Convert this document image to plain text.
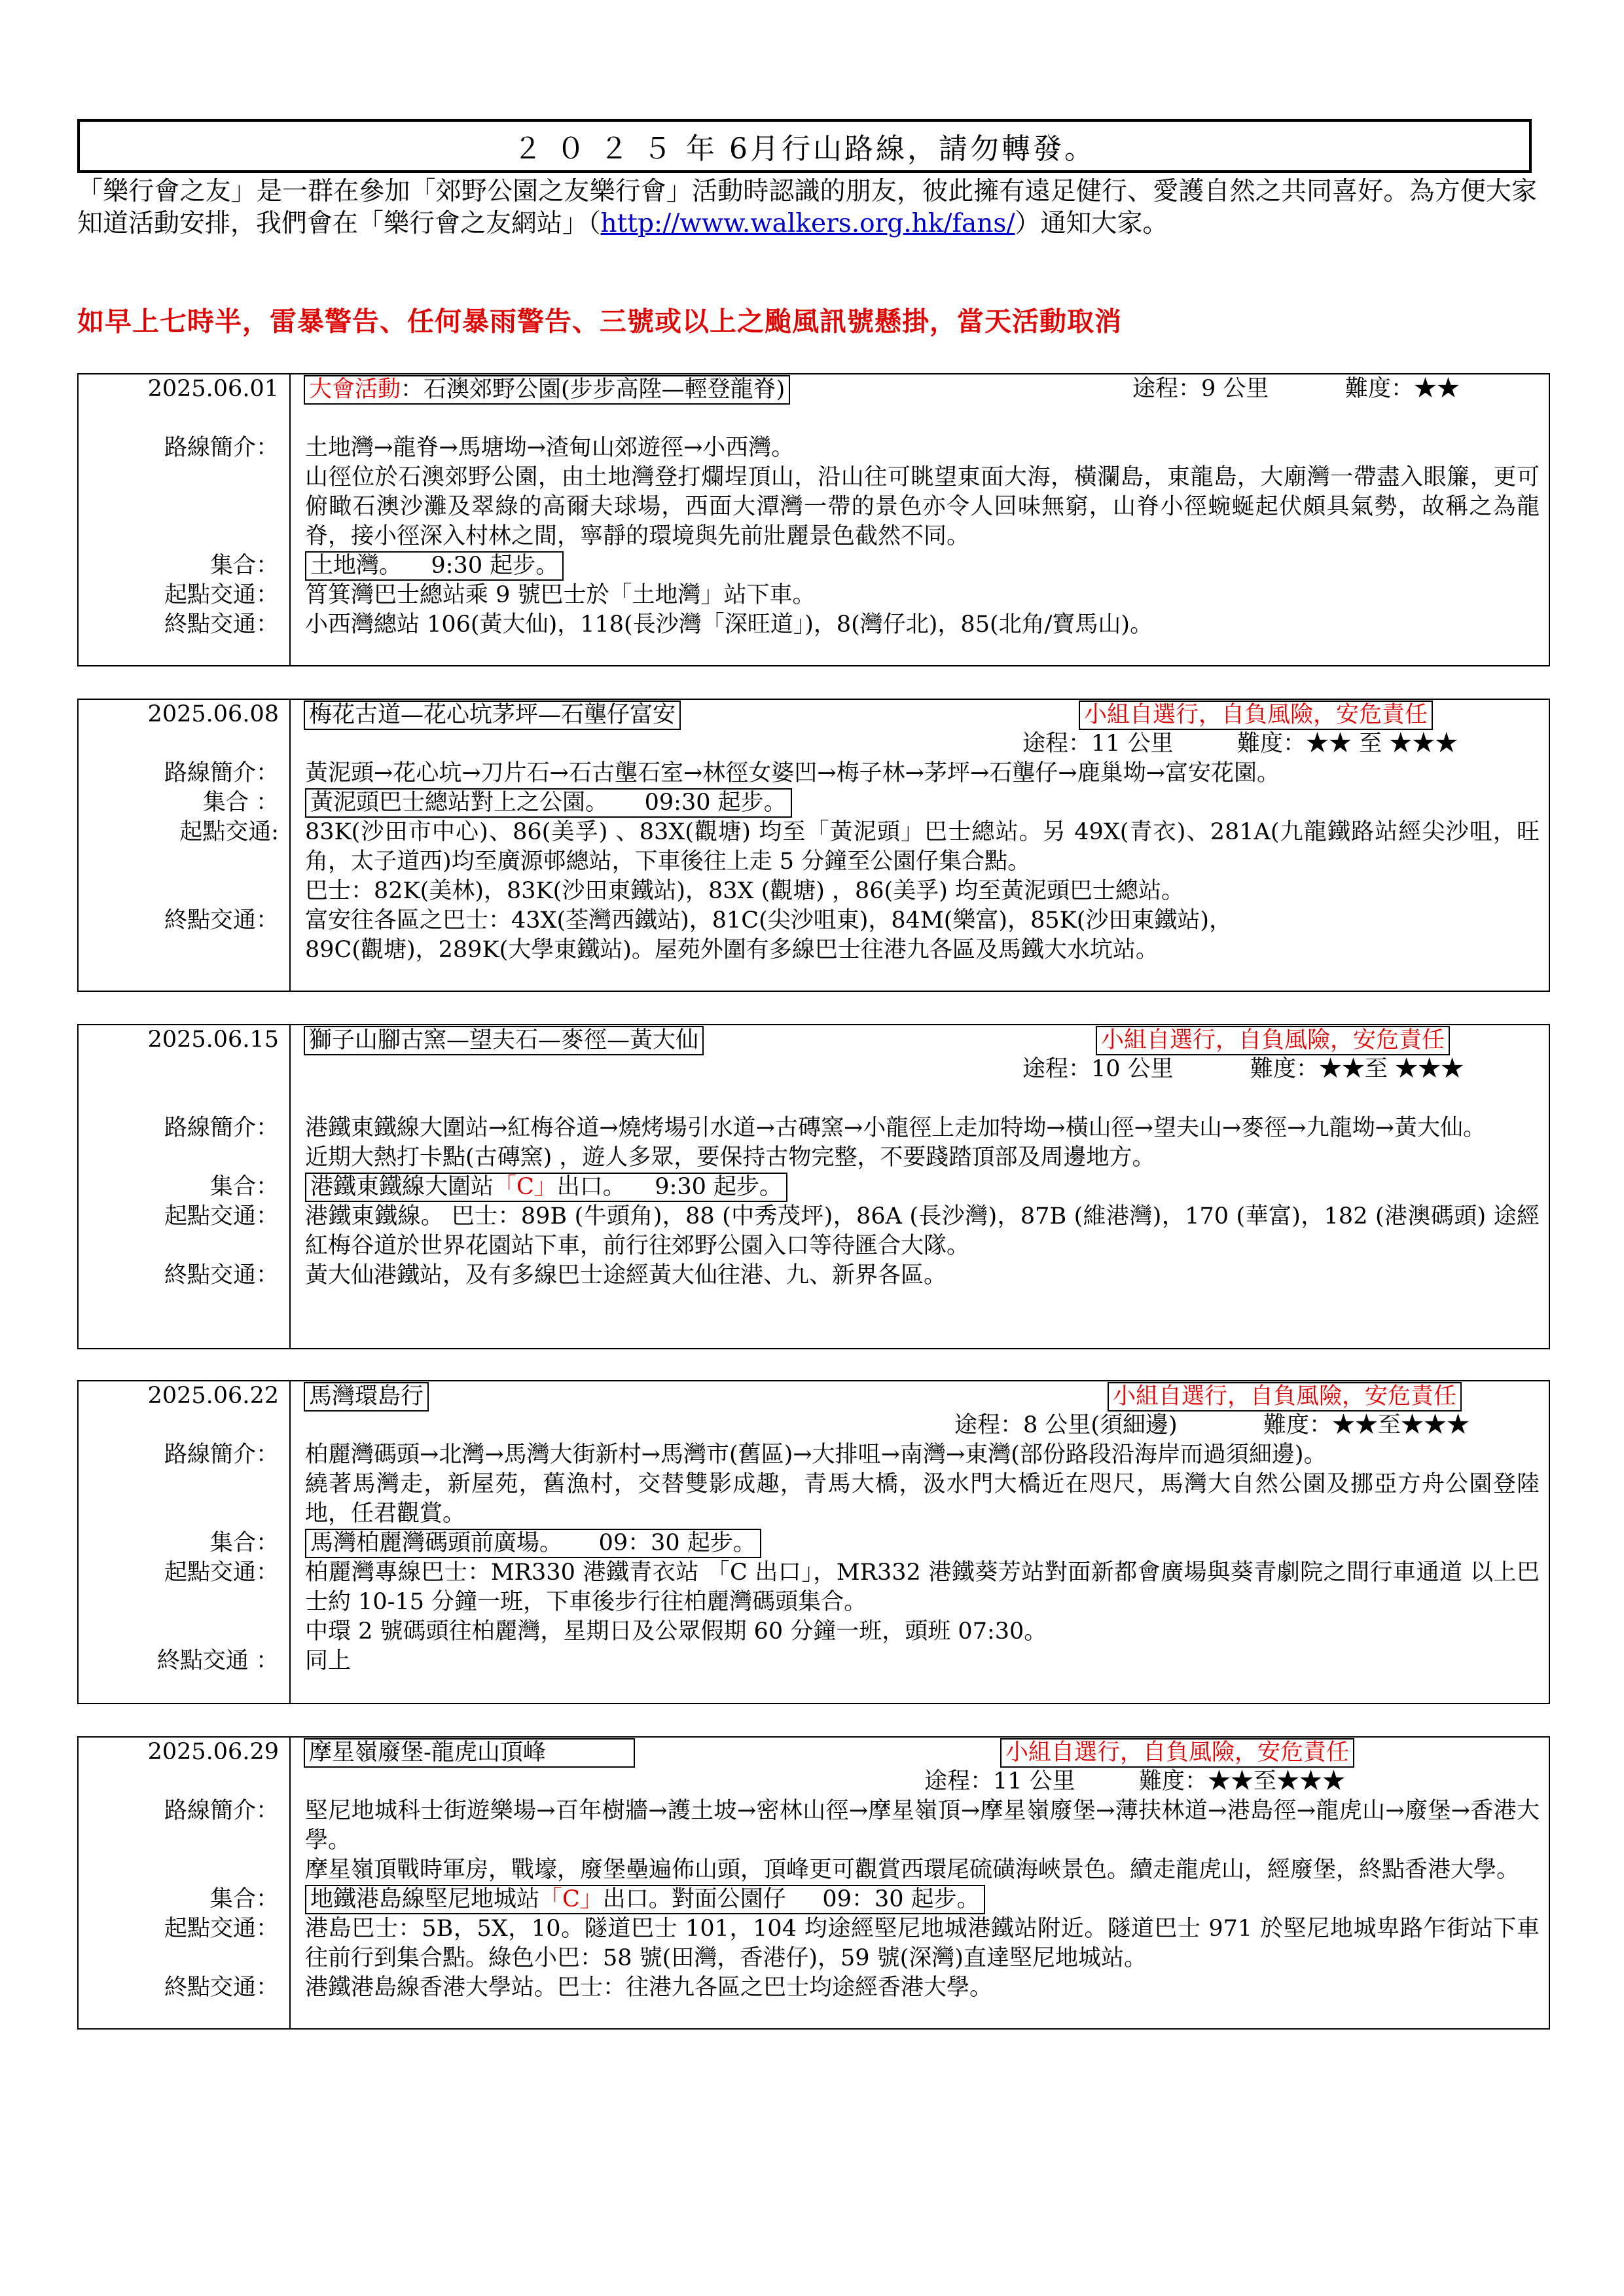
２ ０ ２ ５ 年 6月行山路線，請勿轉發。
「樂行會之友」是一群在參加「郊野公園之友樂行會」活動時認識的朋友，彼此擁有遠足健行、愛護自然之共同喜好。為方便大家知道活動安排，我們會在「樂行會之友網站」（http://www.walkers.org.hk/fans/）通知大家。
如早上七時半，雷暴警告、任何暴雨警告、三號或以上之颱風訊號懸掛，當天活動取消
2025.06.01	大會活動：石澳郊野公園(步步高陞—輕登龍脊)	途程：9 公里	難度：★★
路線簡介：	土地灣→龍脊→馬塘坳→渣甸山郊遊徑→小西灣。
山徑位於石澳郊野公園，由土地灣登打爛埕頂山，沿山往可眺望東面大海，橫瀾島，東龍島，大廟灣一帶盡入眼簾，更可俯瞰石澳沙灘及翠綠的高爾夫球場，西面大潭灣一帶的景色亦令人回味無窮，山脊小徑蜿蜒起伏頗具氣勢，故稱之為龍脊，接小徑深入村林之間，寧靜的環境與先前壯麗景色截然不同。
集合：	土地灣。    9:30 起步。
起點交通：	筲箕灣巴士總站乘 9 號巴士於「土地灣」站下車。
終點交通：	小西灣總站 106(黃大仙)，118(長沙灣「深旺道」)，8(灣仔北)，85(北角/寶馬山)。
2025.06.08	梅花古道—花心坑茅坪—石壟仔富安	小組自選行，自負風險，安危責任
途程：11 公里	難度：★★ 至 ★★★
路線簡介：	黃泥頭→花心坑→刀片石→石古壟石室→林徑女婆凹→梅子林→茅坪→石壟仔→鹿巢坳→富安花園。
集合 ：	黃泥頭巴士總站對上之公園。     09:30 起步。
起點交通:	83K(沙田市中心)、86(美孚) 、83X(觀塘) 均至「黃泥頭」巴士總站。另 49X(青衣)、281A(九龍鐵路站經尖沙咀，旺角，太子道西)均至廣源邨總站，下車後往上走 5 分鐘至公園仔集合點。
巴士：82K(美林)，83K(沙田東鐵站)，83X (觀塘) ，86(美孚) 均至黃泥頭巴士總站。
終點交通：	富安往各區之巴士：43X(荃灣西鐵站)，81C(尖沙咀東)，84M(樂富)，85K(沙田東鐵站)，
89C(觀塘)，289K(大學東鐵站)。屋苑外圍有多線巴士往港九各區及馬鐵大水坑站。
2025.06.15	獅子山腳古窯—望夫石—麥徑—黃大仙	小組自選行，自負風險，安危責任
途程：10 公里	難度：★★至 ★★★
路線簡介：	港鐵東鐵線大圍站→紅梅谷道→燒烤場引水道→古磚窯→小龍徑上走加特坳→橫山徑→望夫山→麥徑→九龍坳→黃大仙。
近期大熱打卡點(古磚窯) ，遊人多眾，要保持古物完整，不要踐踏頂部及周邊地方。
集合：	港鐵東鐵線大圍站「C」出口。    9:30 起步。
起點交通：	港鐵東鐵線。 巴士：89B (牛頭角)，88 (中秀茂坪)，86A (長沙灣)，87B (維港灣)，170 (華富)，182 (港澳碼頭) 途經紅梅谷道於世界花園站下車，前行往郊野公園入口等待匯合大隊。
終點交通：	黃大仙港鐵站，及有多線巴士途經黃大仙往港、九、新界各區。
2025.06.22	馬灣環島行	小組自選行，自負風險，安危責任
途程：8 公里(須細邊)	難度：★★至★★★
路線簡介：	柏麗灣碼頭→北灣→馬灣大街新村→馬灣市(舊區)→大排咀→南灣→東灣(部份路段沿海岸而過須細邊)。
繞著馬灣走，新屋苑，舊漁村，交替雙影成趣，青馬大橋，汲水門大橋近在咫尺，馬灣大自然公園及挪亞方舟公園登陸地，任君觀賞。
集合：	馬灣柏麗灣碼頭前廣場。     09：30 起步。
起點交通：	柏麗灣專線巴士：MR330 港鐵青衣站 「C 出口」，MR332 港鐵葵芳站對面新都會廣場與葵青劇院之間行車通道 以上巴士約 10-15 分鐘一班，下車後步行往柏麗灣碼頭集合。
中環 2 號碼頭往柏麗灣，星期日及公眾假期 60 分鐘一班，頭班 07:30。
終點交通 ：	同上
2025.06.29	摩星嶺廢堡-龍虎山頂峰	小組自選行，自負風險，安危責任
途程：11 公里	難度：★★至★★★
路線簡介：	堅尼地城科士街遊樂場→百年樹牆→護土坡→密林山徑→摩星嶺頂→摩星嶺廢堡→薄扶林道→港島徑→龍虎山→廢堡→香港大學。
摩星嶺頂戰時軍房，戰壕，廢堡壘遍佈山頭，頂峰更可觀賞西環尾硫磺海峽景色。續走龍虎山，經廢堡，終點香港大學。
集合：	地鐵港島線堅尼地城站「C」出口。對面公園仔     09：30 起步。
起點交通：	港島巴士：5B，5X，10。隧道巴士 101，104 均途經堅尼地城港鐵站附近。隧道巴士 971 於堅尼地城卑路乍街站下車往前行到集合點。綠色小巴：58 號(田灣，香港仔)，59 號(深灣)直達堅尼地城站。
終點交通：	港鐵港島線香港大學站。巴士：往港九各區之巴士均途經香港大學。
